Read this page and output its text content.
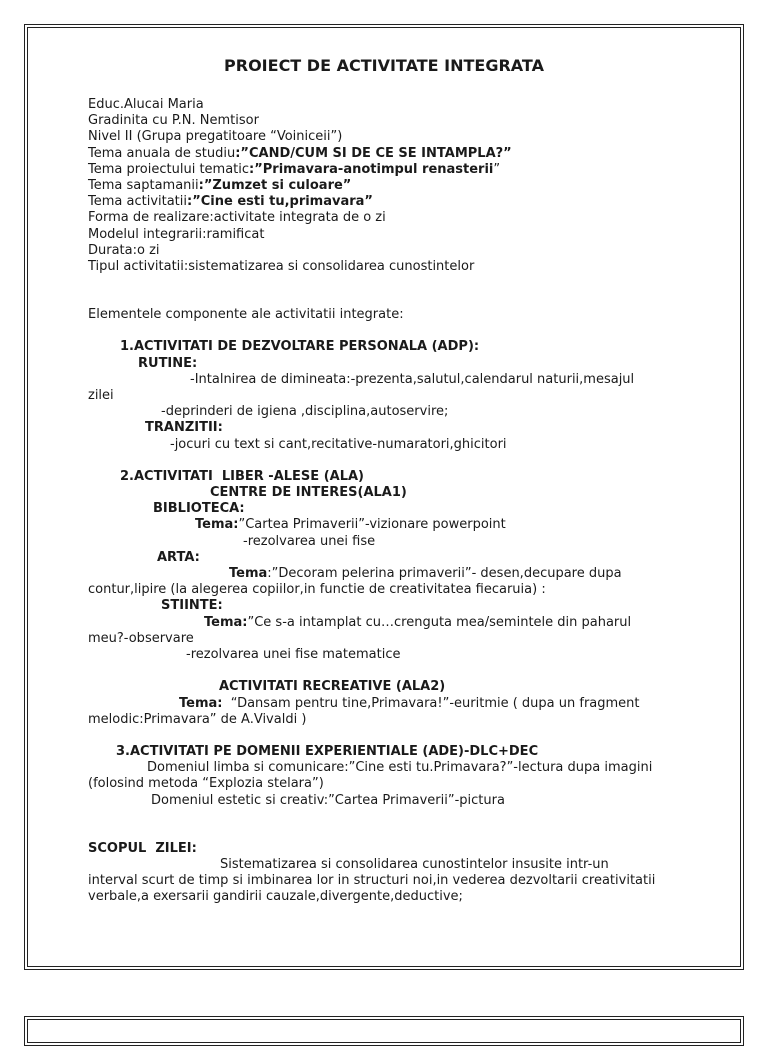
PROIECT DE ACTIVITATE INTEGRATA
Educ.Alucai Maria
Gradinita cu P.N. Nemtisor
Nivel II (Grupa pregatitoare “Voiniceii”)
Tema anuala de studiu:”CAND/CUM SI DE CE SE INTAMPLA?”
Tema proiectului tematic:”Primavara-anotimpul renasterii”
Tema saptamanii:”Zumzet si culoare”
Tema activitatii:”Cine esti tu,primavara”
Forma de realizare:activitate integrata de o zi
Modelul integrarii:ramificat
Durata:o zi
Tipul activitatii:sistematizarea si consolidarea cunostintelor
Elementele componente ale activitatii integrate:
1.ACTIVITATI DE DEZVOLTARE PERSONALA (ADP):
RUTINE:
-Intalnirea de dimineata:-prezenta,salutul,calendarul naturii,mesajul
zilei
-deprinderi de igiena ,disciplina,autoservire;
TRANZITII:
-jocuri cu text si cant,recitative-numaratori,ghicitori
2.ACTIVITATI  LIBER -ALESE (ALA)
CENTRE DE INTERES(ALA1)
BIBLIOTECA:
Tema:”Cartea Primaverii”-vizionare powerpoint
-rezolvarea unei fise
ARTA:
Tema:”Decoram pelerina primaverii”- desen,decupare dupa
contur,lipire (la alegerea copiilor,in functie de creativitatea fiecaruia) :
STIINTE:
Tema:”Ce s-a intamplat cu…crenguta mea/semintele din paharul
meu?-observare
-rezolvarea unei fise matematice
ACTIVITATI RECREATIVE (ALA2)
Tema:  “Dansam pentru tine,Primavara!”-euritmie ( dupa un fragment
melodic:Primavara” de A.Vivaldi )
3.ACTIVITATI PE DOMENII EXPERIENTIALE (ADE)-DLC+DEC
Domeniul limba si comunicare:”Cine esti tu.Primavara?”-lectura dupa imagini
(folosind metoda “Explozia stelara”)
Domeniul estetic si creativ:”Cartea Primaverii”-pictura
SCOPUL  ZILEI:
Sistematizarea si consolidarea cunostintelor insusite intr-un
interval scurt de timp si imbinarea lor in structuri noi,in vederea dezvoltarii creativitatii
verbale,a exersarii gandirii cauzale,divergente,deductive;
